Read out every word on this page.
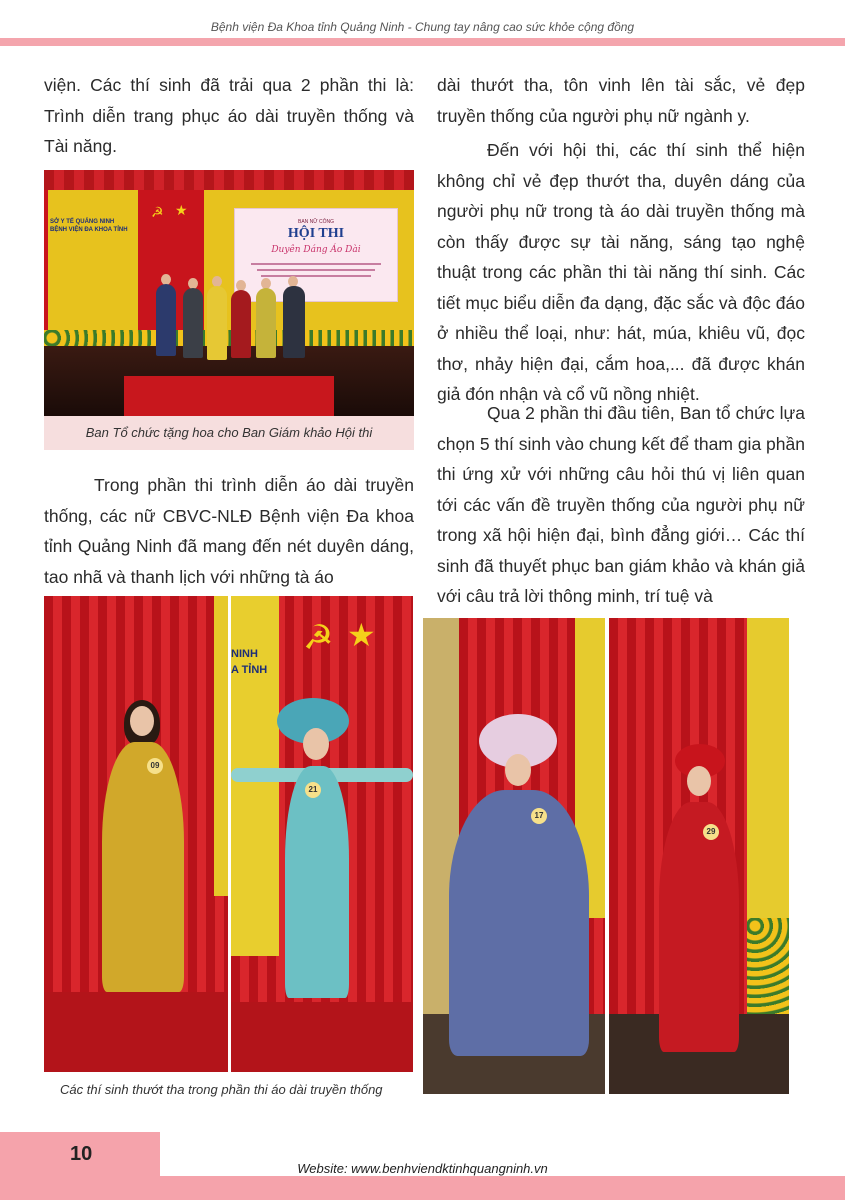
Bệnh viện Đa Khoa tỉnh Quảng Ninh - Chung tay nâng cao sức khỏe cộng đồng

viện. Các thí sinh đã trải qua 2 phần thi là: Trình diễn trang phục áo dài truyền thống và Tài năng.

☭ ★
SỞ Y TẾ QUẢNG NINH
BỆNH VIỆN ĐA KHOA TỈNH
BAN NỮ CÔNG
HỘI THI
Duyên Dáng Áo Dài
Ban Tổ chức tặng hoa cho Ban Giám khảo Hội thi

Trong phần thi trình diễn áo dài truyền thống, các nữ CBVC-NLĐ Bệnh viện Đa khoa tỉnh Quảng Ninh đã mang đến nét duyên dáng, tao nhã và thanh lịch với những tà áo

dài thướt tha, tôn vinh lên tài sắc, vẻ đẹp truyền thống của người phụ nữ ngành y.

Đến với hội thi, các thí sinh thể hiện không chỉ vẻ đẹp thướt tha, duyên dáng của người phụ nữ trong tà áo dài truyền thống mà còn thấy được sự tài năng, sáng tạo nghệ thuật trong các phần thi tài năng thí sinh. Các tiết mục biểu diễn đa dạng, đặc sắc và độc đáo ở nhiều thể loại, như: hát, múa, khiêu vũ, đọc thơ, nhảy hiện đại, cắm hoa,... đã được khán giả đón nhận và cổ vũ nồng nhiệt.

Qua 2 phần thi đầu tiên, Ban tổ chức lựa chọn 5 thí sinh vào chung kết để tham gia phần thi ứng xử với những câu hỏi thú vị liên quan tới các vấn đề truyền thống của người phụ nữ trong xã hội hiện đại, bình đẳng giới… Các thí sinh đã thuyết phục ban giám khảo và khán giả với câu trả lời thông minh, trí tuệ và

09
NINH
A TỈNH
☭ ★
21
17
29
Các thí sinh thướt tha trong phần thi áo dài truyền thống
10
Website: www.benhviendktinhquangninh.vn
